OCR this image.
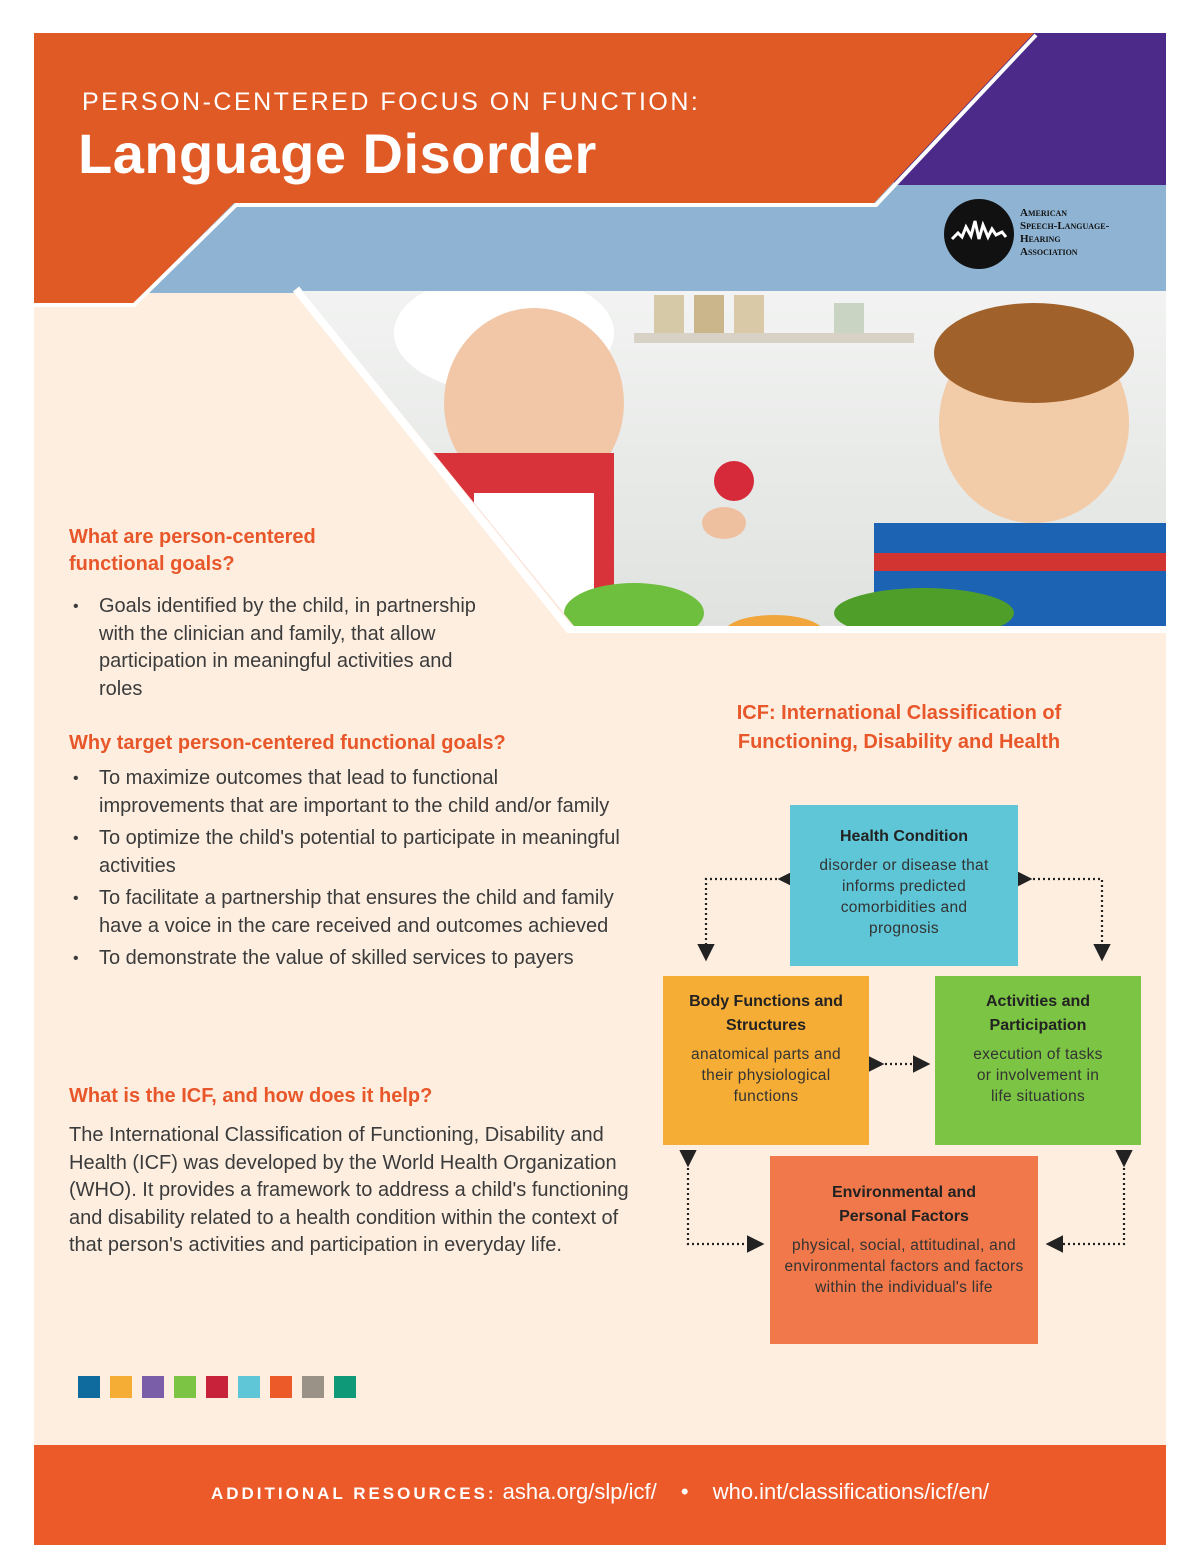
PERSON-CENTERED FOCUS ON FUNCTION:
Language Disorder
American
Speech-Language-
Hearing
Association
What are person-centered functional goals?
• Goals identified by the child, in partnership with the clinician and family, that allow participation in meaningful activities and roles
Why target person-centered functional goals?
• To maximize outcomes that lead to functional improvements that are important to the child and/or family
• To optimize the child's potential to participate in meaningful activities
• To facilitate a partnership that ensures the child and family have a voice in the care received and outcomes achieved
• To demonstrate the value of skilled services to payers
What is the ICF, and how does it help?

The International Classification of Functioning, Disability and Health (ICF) was developed by the World Health Organization (WHO). It provides a framework to address a child's functioning and disability related to a health condition within the context of that person's activities and participation in everyday life.

ICF: International Classification of Functioning, Disability and Health
Health Condition
disorder or disease that informs predicted comorbidities and prognosis
Body Functions and Structures
anatomical parts and their physiological functions
Activities and Participation
execution of tasks or involvement in life situations
Environmental and Personal Factors
physical, social, attitudinal, and environmental factors and factors within the individual's life
ADDITIONAL RESOURCES: asha.org/slp/icf/ • who.int/classifications/icf/en/
